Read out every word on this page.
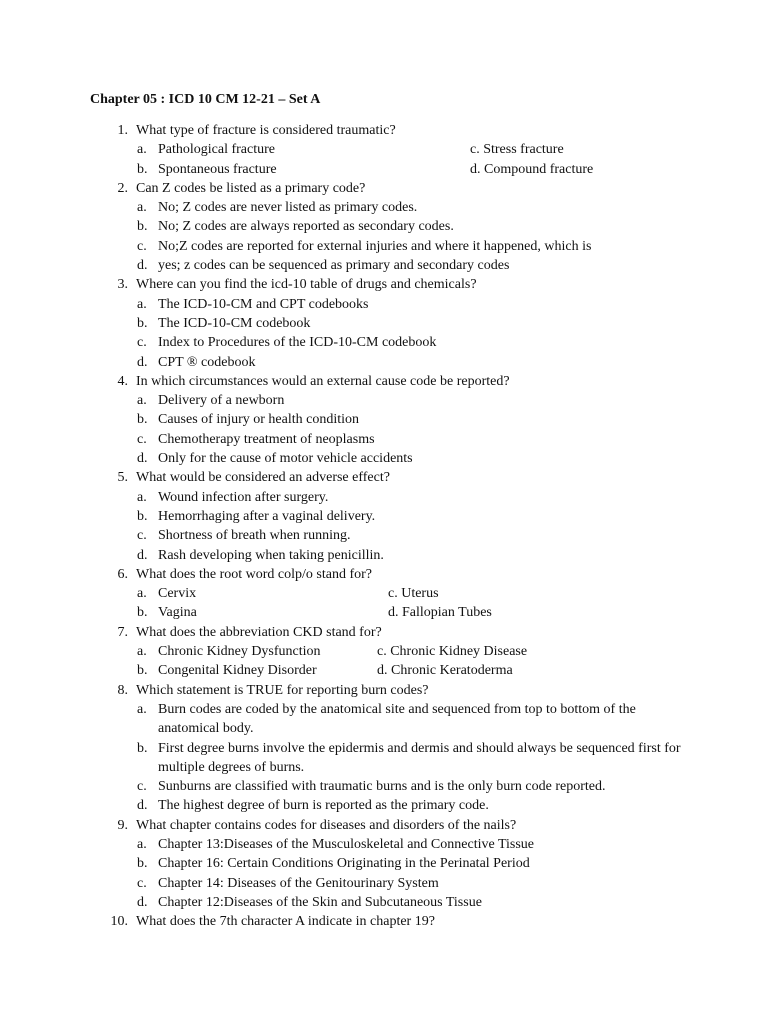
Chapter 05 : ICD 10 CM 12-21 – Set A
1. What type of fracture is considered traumatic?
a. Pathological fracture	c. Stress fracture
b. Spontaneous fracture	d. Compound fracture
2. Can Z codes be listed as a primary code?
a. No; Z codes are never listed as primary codes.
b. No; Z codes are always reported as secondary codes.
c. No;Z codes are reported for external injuries and where it happened, which is
d. yes; z codes can be sequenced as primary and secondary codes
3. Where can you find the icd-10 table of drugs and chemicals?
a. The ICD-10-CM and CPT codebooks
b. The ICD-10-CM codebook
c. Index to Procedures of the ICD-10-CM codebook
d. CPT ® codebook
4. In which circumstances would an external cause code be reported?
a. Delivery of a newborn
b. Causes of injury or health condition
c. Chemotherapy treatment of neoplasms
d. Only for the cause of motor vehicle accidents
5. What would be considered an adverse effect?
a. Wound infection after surgery.
b. Hemorrhaging after a vaginal delivery.
c. Shortness of breath when running.
d. Rash developing when taking penicillin.
6. What does the root word colp/o stand for?
a. Cervix	c. Uterus
b. Vagina	d. Fallopian Tubes
7. What does the abbreviation CKD stand for?
a. Chronic Kidney Dysfunction	c. Chronic Kidney Disease
b. Congenital Kidney Disorder	d. Chronic Keratoderma
8. Which statement is TRUE for reporting burn codes?
a. Burn codes are coded by the anatomical site and sequenced from top to bottom of the anatomical body.
b. First degree burns involve the epidermis and dermis and should always be sequenced first for multiple degrees of burns.
c. Sunburns are classified with traumatic burns and is the only burn code reported.
d. The highest degree of burn is reported as the primary code.
9. What chapter contains codes for diseases and disorders of the nails?
a. Chapter 13:Diseases of the Musculoskeletal and Connective Tissue
b. Chapter 16: Certain Conditions Originating in the Perinatal Period
c. Chapter 14: Diseases of the Genitourinary System
d. Chapter 12:Diseases of the Skin and Subcutaneous Tissue
10. What does the 7th character A indicate in chapter 19?
